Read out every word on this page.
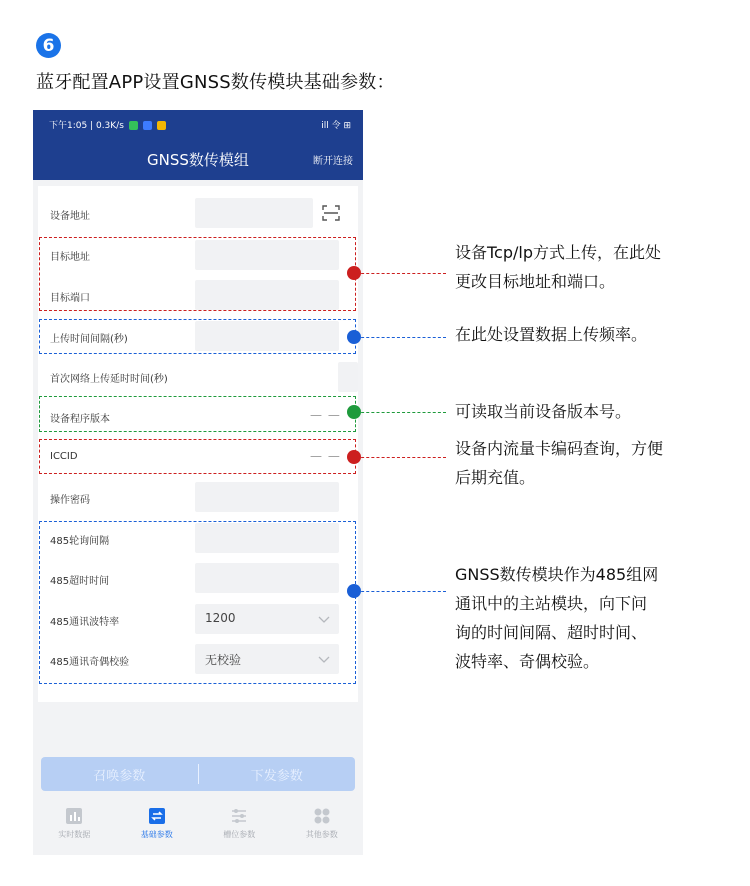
6
蓝牙配置APP设置GNSS数传模块基础参数：
下午1:05 | 0.3K/s	ill 令 ⊞
GNSS数传模组	断开连接
设备地址
目标地址
目标端口
上传时间间隔(秒)
首次网络上传延时时间(秒)
设备程序版本	— —
ICCID	— —
操作密码
485轮询间隔
485超时时间
485通讯波特率	1200
485通讯奇偶校验	无校验
召唤参数	下发参数
实时数据	基础参数	槽位参数	其他参数
设备Tcp/lp方式上传，在此处
更改目标地址和端口。
在此处设置数据上传频率。
可读取当前设备版本号。
设备内流量卡编码查询，方便
后期充值。
GNSS数传模块作为485组网
通讯中的主站模块，向下问
询的时间间隔、超时时间、
波特率、奇偶校验。
